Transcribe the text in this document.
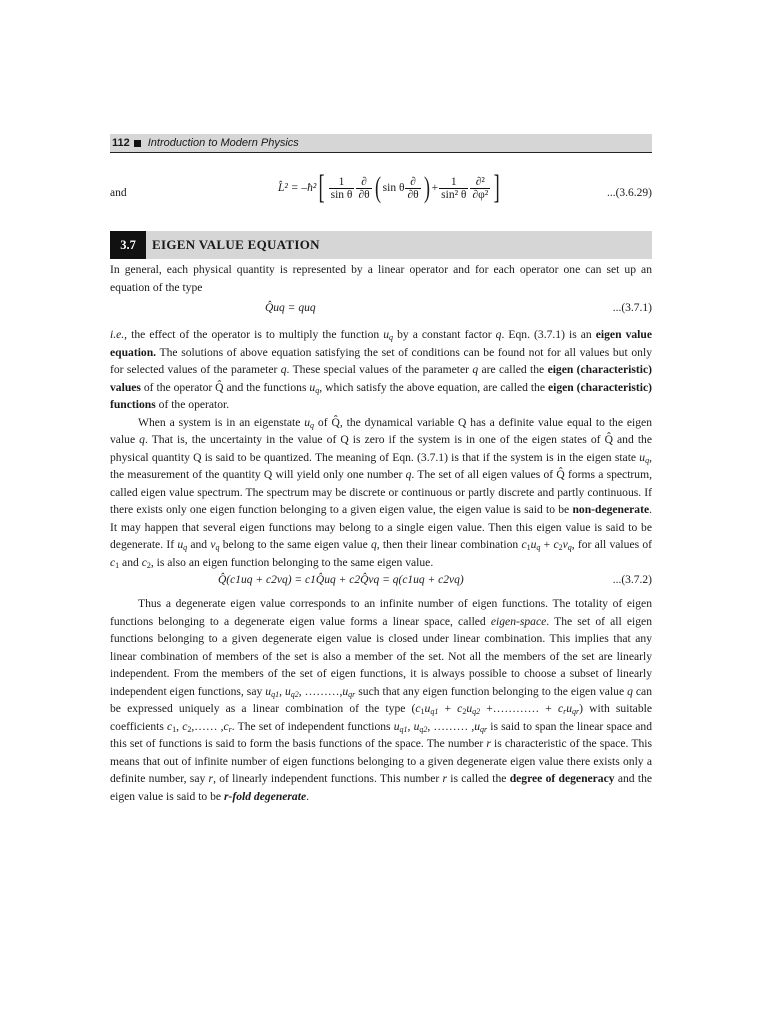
112 Introduction to Modern Physics
and	L̂² = –ħ²[ $\frac{1}{\text{sin θ}} \frac{\partial}{\partial\theta}$ ( sin θ $\frac{\partial}{\partial\theta}$ ) + $\frac{1}{\text{sin² θ}} \frac{\text{∂²}}{\text{∂φ²}}$ ]	...(3.6.29)
3.7	EIGEN VALUE EQUATION

In general, each physical quantity is represented by a linear operator and for each operator one can set up an equation of the type

Q̂uq = quq	...(3.7.1)

i.e., the effect of the operator is to multiply the function $u_q$ by a constant factor q. Eqn. (3.7.1) is an eigen value equation. The solutions of above equation satisfying the set of conditions can be found not for all values but only for selected values of the parameter q. These special values of the parameter q are called the eigen (characteristic) values of the operator Q̂ and the functions $u_q$, which satisfy the above equation, are called the eigen (characteristic) functions of the operator.

When a system is in an eigenstate $u_q$ of Q̂, the dynamical variable Q has a definite value equal to the eigen value q. That is, the uncertainty in the value of Q is zero if the system is in one of the eigen states of Q̂ and the physical quantity Q is said to be quantized. The meaning of Eqn. (3.7.1) is that if the system is in the eigen state $u_q$, the measurement of the quantity Q will yield only one number q. The set of all eigen values of Q̂ forms a spectrum, called eigen value spectrum. The spectrum may be discrete or continuous or partly discrete and partly continuous. If there exists only one eigen function belonging to a given eigen value, the eigen value is said to be non-degenerate. It may happen that several eigen functions may belong to a single eigen value. Then this eigen value is said to be degenerate. If $u_q$ and $v_q$ belong to the same eigen value q, then their linear combination $c_1u_q + c_2v_q$, for all values of $c_1$ and $c_2$, is also an eigen function belonging to the same eigen value.

Q̂(c1uq + c2vq) = c1Q̂uq + c2Q̂vq = q(c1uq + c2vq)	...(3.7.2)

Thus a degenerate eigen value corresponds to an infinite number of eigen functions. The totality of eigen functions belonging to a degenerate eigen value forms a linear space, called eigen-space. The set of all eigen functions belonging to a given degenerate eigen value is closed under linear combination. This implies that any linear combination of members of the set is also a member of the set. Not all the members of the set are linearly independent. From the members of the set of eigen functions, it is always possible to choose a subset of linearly independent eigen functions, say $u_{q1}$, $u_{q2}$, $\dots\dots\dots,u_{qr}$ such that any eigen function belonging to the eigen value q can be expressed uniquely as a linear combination of the type ($c_1u_{q1} + c_2u_{q2}$ +………… + $c_ru_{qr}$) with suitable coefficients $c_1$, $c_2,\dots\dots$ $,c_r$. The set of independent functions $u_{q1}$, $u_{q2}$, ……… $,u_{qr}$ is said to span the linear space and this set of functions is said to form the basis functions of the space. The number r is characteristic of the space. This means that out of infinite number of eigen functions belonging to a given degenerate eigen value there exists only a definite number, say r, of linearly independent functions. This number r is called the degree of degeneracy and the eigen value is said to be r-fold degenerate.
